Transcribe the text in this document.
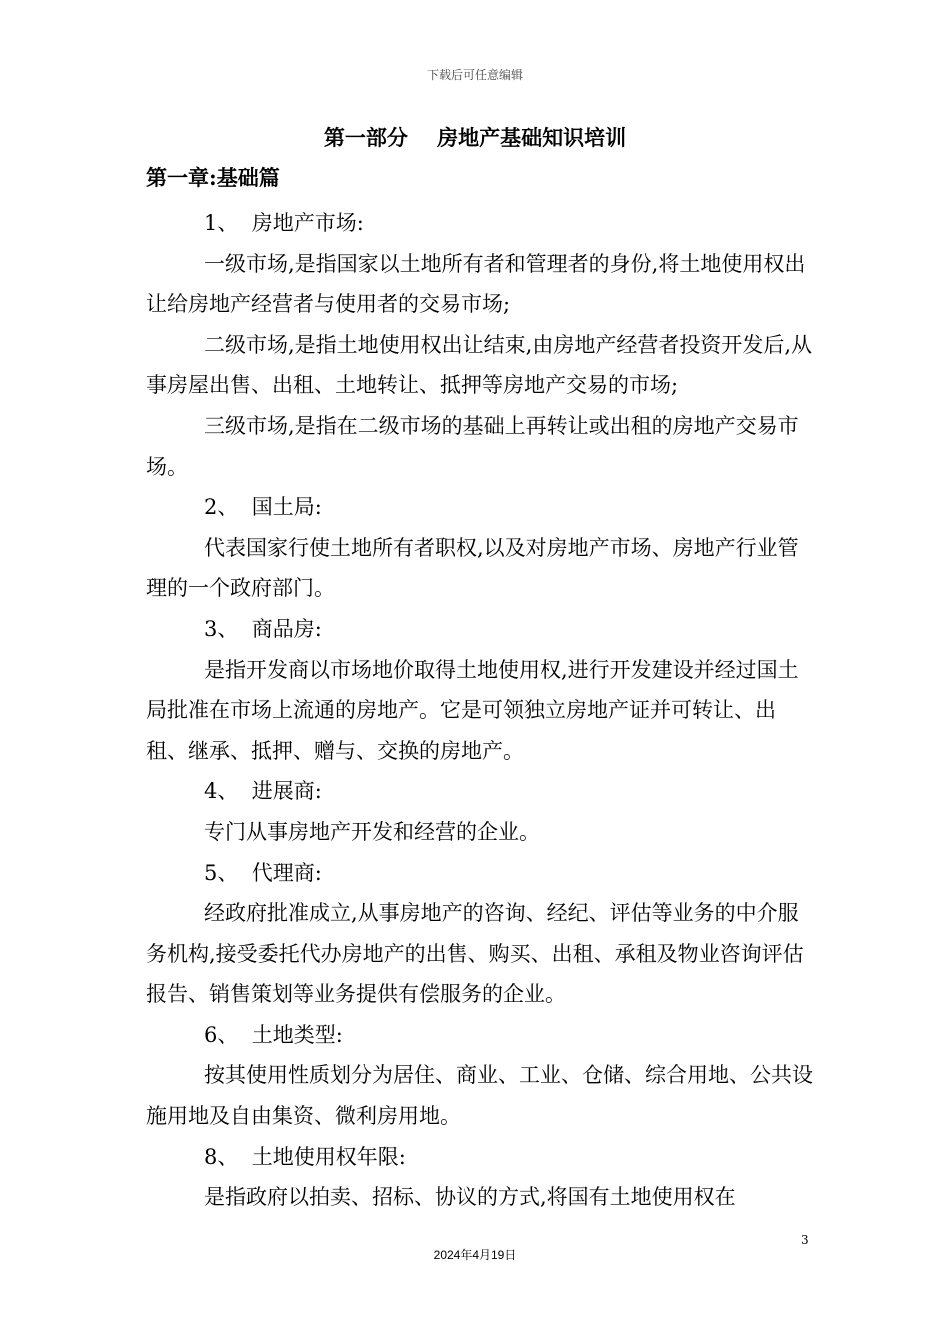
下载后可任意编辑
第一部分    房地产基础知识培训
第一章:基础篇

1、  房地产市场:

一级市场,是指国家以土地所有者和管理者的身份,将土地使用权出让给房地产经营者与使用者的交易市场;

二级市场,是指土地使用权出让结束,由房地产经营者投资开发后,从事房屋出售、出租、土地转让、抵押等房地产交易的市场;

三级市场,是指在二级市场的基础上再转让或出租的房地产交易市场。

2、  国土局:

代表国家行使土地所有者职权,以及对房地产市场、房地产行业管理的一个政府部门。

3、  商品房:

是指开发商以市场地价取得土地使用权,进行开发建设并经过国土局批准在市场上流通的房地产。它是可领独立房地产证并可转让、出租、继承、抵押、赠与、交换的房地产。

4、  进展商:

专门从事房地产开发和经营的企业。

5、  代理商:

经政府批准成立,从事房地产的咨询、经纪、评估等业务的中介服务机构,接受委托代办房地产的出售、购买、出租、承租及物业咨询评估报告、销售策划等业务提供有偿服务的企业。

6、  土地类型:

按其使用性质划分为居住、商业、工业、仓储、综合用地、公共设施用地及自由集资、微利房用地。

8、  土地使用权年限:

是指政府以拍卖、招标、协议的方式,将国有土地使用权在

3
2024年4月19日
